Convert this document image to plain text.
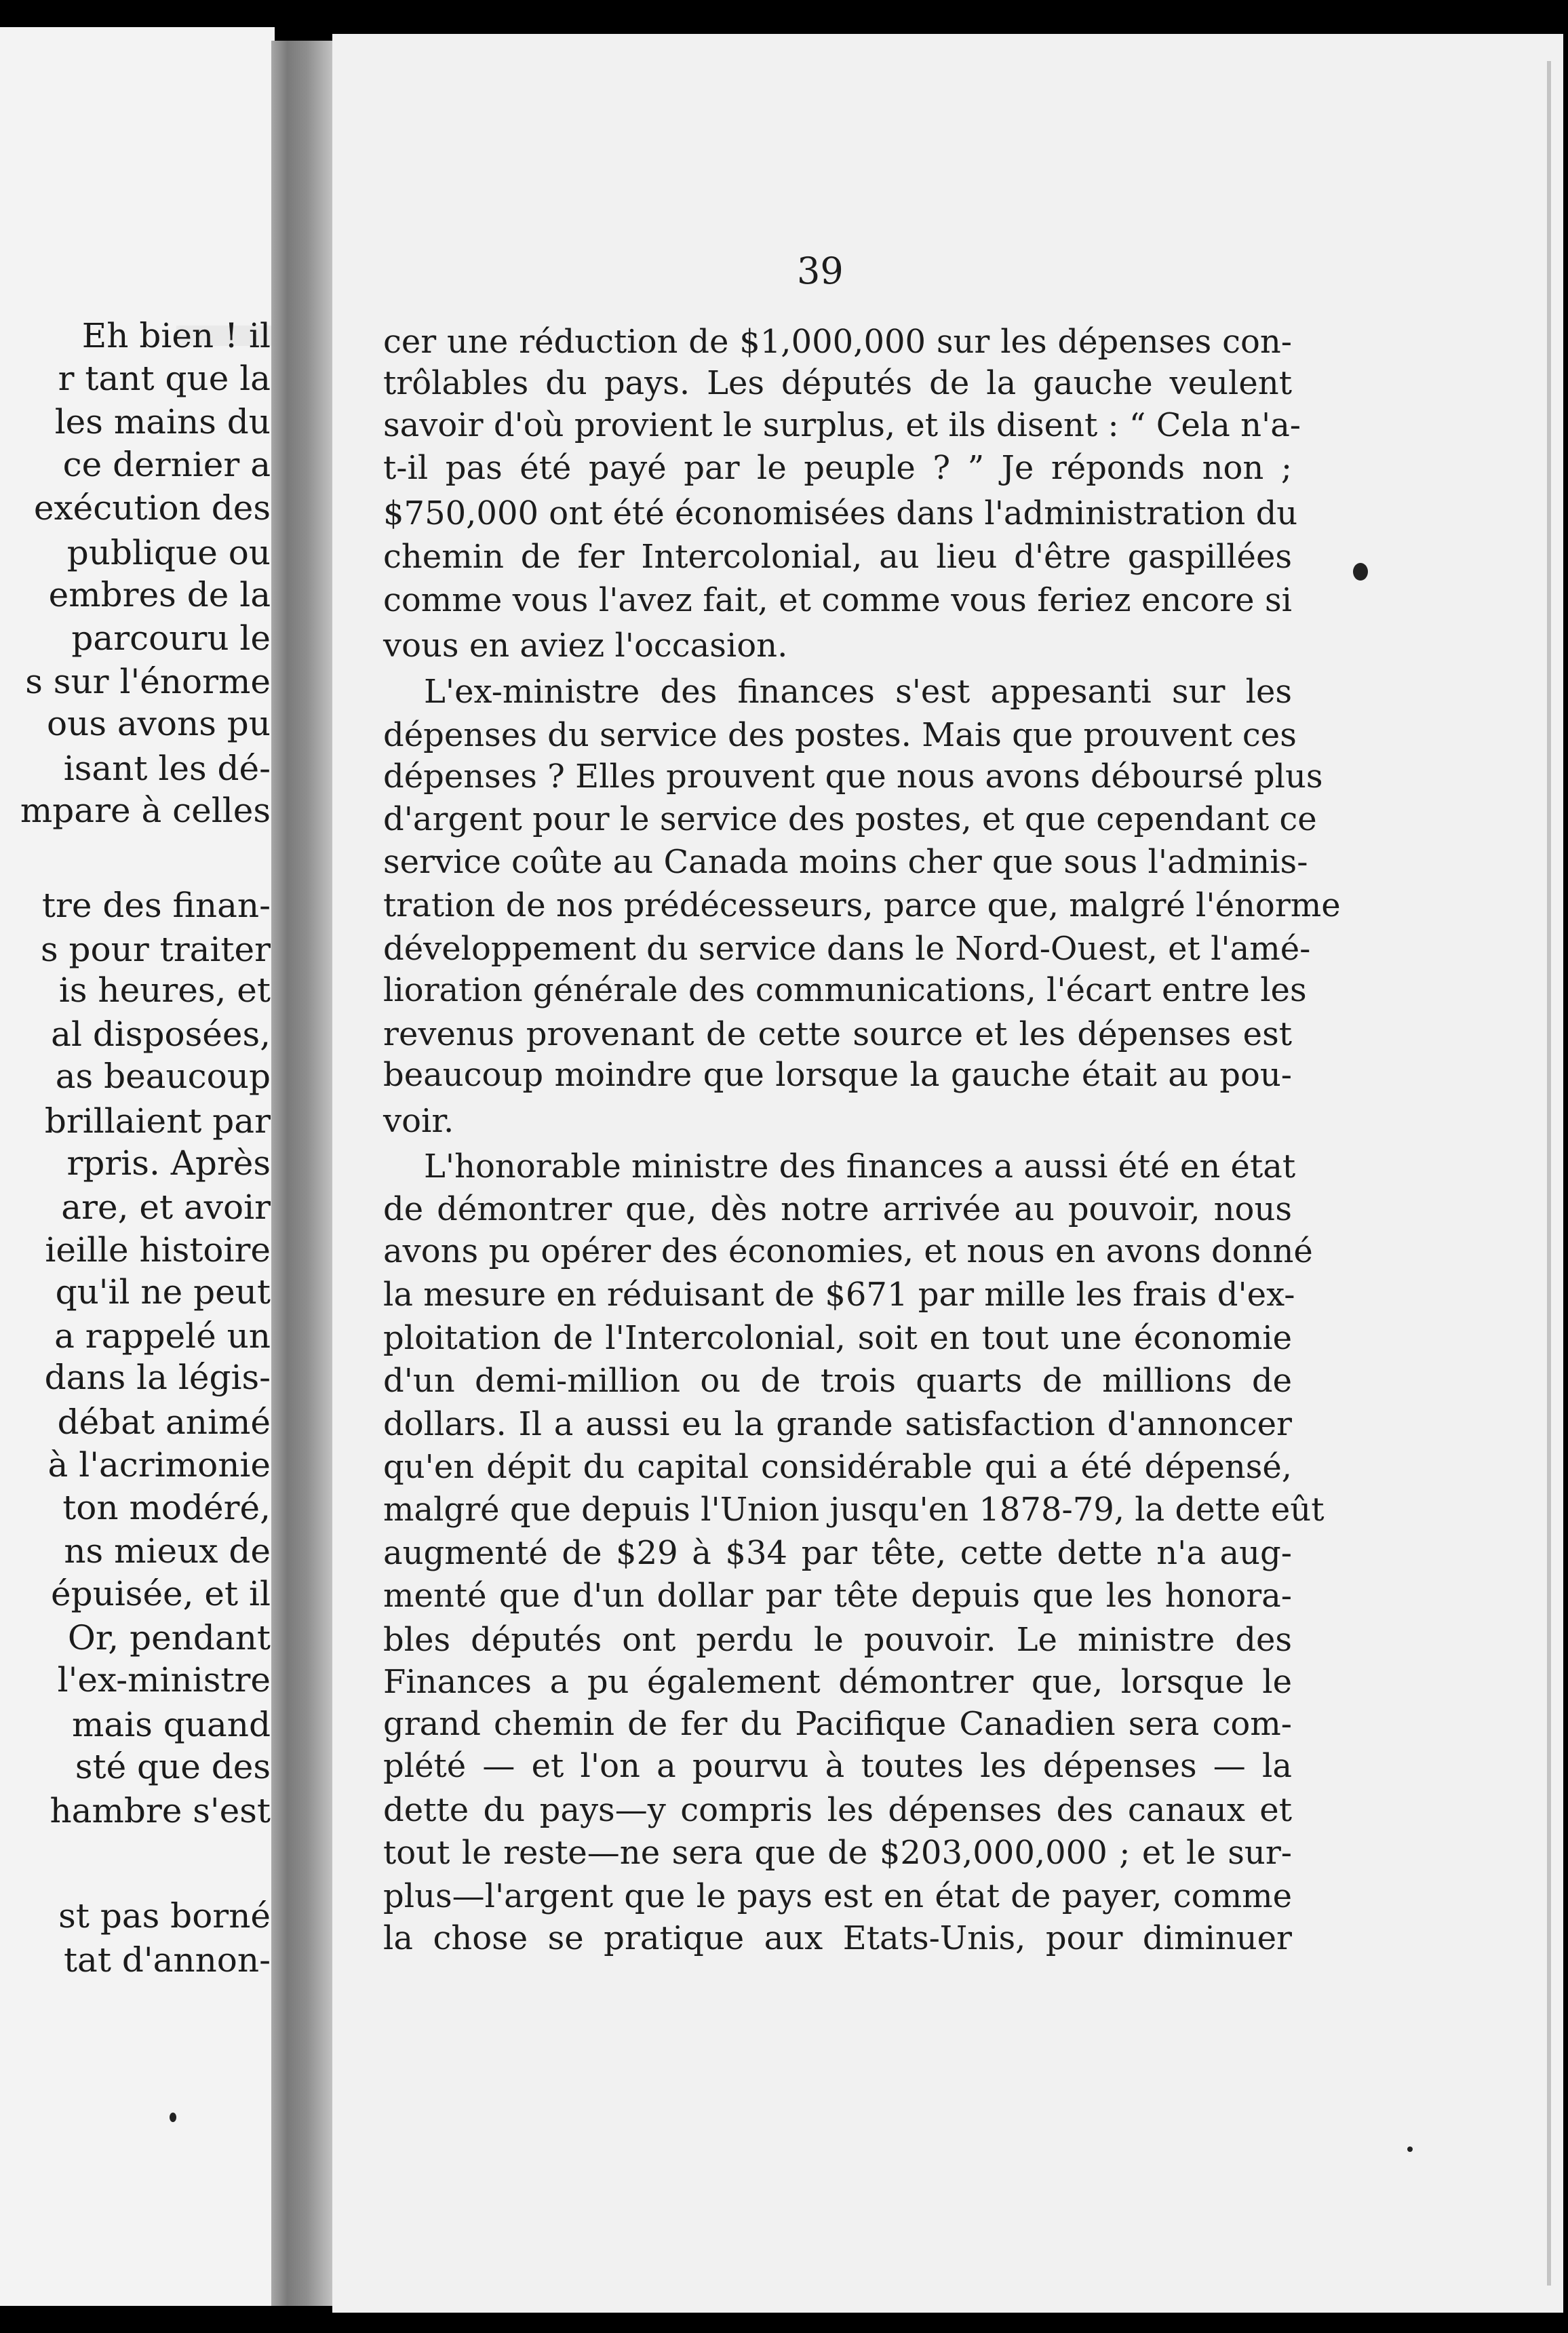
Eh bien ! il
r tant que la
les mains du
ce dernier a
exécution des
publique ou
embres de la
parcouru le
s sur l'énorme
ous avons pu
isant les dé-
mpare à celles
tre des finan-
s pour traiter
is heures, et
al disposées,
as beaucoup
brillaient par
rpris. Après
are, et avoir
ieille histoire
qu'il ne peut
a rappelé un
dans la légis-
débat animé
à l'acrimonie
ton modéré,
ns mieux de
épuisée, et il
Or, pendant
l'ex-ministre
mais quand
sté que des
hambre s'est
st pas borné
tat d'annon-
39
cer une réduction de $1,000,000 sur les dépenses con-
trôlables du pays. Les députés de la gauche veulent
savoir d'où provient le surplus, et ils disent : “ Cela n'a-
t-il pas été payé par le peuple ? ” Je réponds non ;
$750,000 ont été économisées dans l'administration du
chemin de fer Intercolonial, au lieu d'être gaspillées
comme vous l'avez fait, et comme vous feriez encore si
vous en aviez l'occasion.
L'ex-ministre des finances s'est appesanti sur les
dépenses du service des postes. Mais que prouvent ces
dépenses ? Elles prouvent que nous avons déboursé plus
d'argent pour le service des postes, et que cependant ce
service coûte au Canada moins cher que sous l'adminis-
tration de nos prédécesseurs, parce que, malgré l'énorme
développement du service dans le Nord-Ouest, et l'amé-
lioration générale des communications, l'écart entre les
revenus provenant de cette source et les dépenses est
beaucoup moindre que lorsque la gauche était au pou-
voir.
L'honorable ministre des finances a aussi été en état
de démontrer que, dès notre arrivée au pouvoir, nous
avons pu opérer des économies, et nous en avons donné
la mesure en réduisant de $671 par mille les frais d'ex-
ploitation de l'Intercolonial, soit en tout une économie
d'un demi-million ou de trois quarts de millions de
dollars. Il a aussi eu la grande satisfaction d'annoncer
qu'en dépit du capital considérable qui a été dépensé,
malgré que depuis l'Union jusqu'en 1878-79, la dette eût
augmenté de $29 à $34 par tête, cette dette n'a aug-
menté que d'un dollar par tête depuis que les honora-
bles députés ont perdu le pouvoir. Le ministre des
Finances a pu également démontrer que, lorsque le
grand chemin de fer du Pacifique Canadien sera com-
plété — et l'on a pourvu à toutes les dépenses — la
dette du pays—y compris les dépenses des canaux et
tout le reste—ne sera que de $203,000,000 ; et le sur-
plus—l'argent que le pays est en état de payer, comme
la chose se pratique aux Etats-Unis, pour diminuer
